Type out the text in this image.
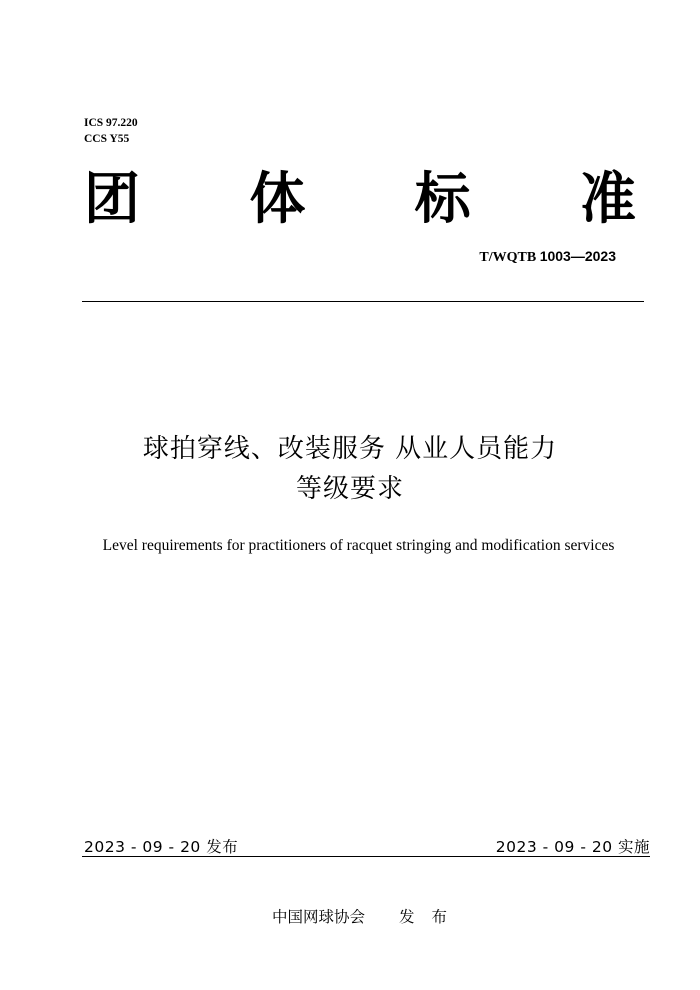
ICS 97.220
CCS Y55
团 体 标 准
T/WQTB 1003—2023
球拍穿线、改装服务 从业人员能力
等级要求
Level requirements for practitioners of racquet stringing and modification services
2023 - 09 - 20 发布	2023 - 09 - 20 实施
中国网球协会 发 布
